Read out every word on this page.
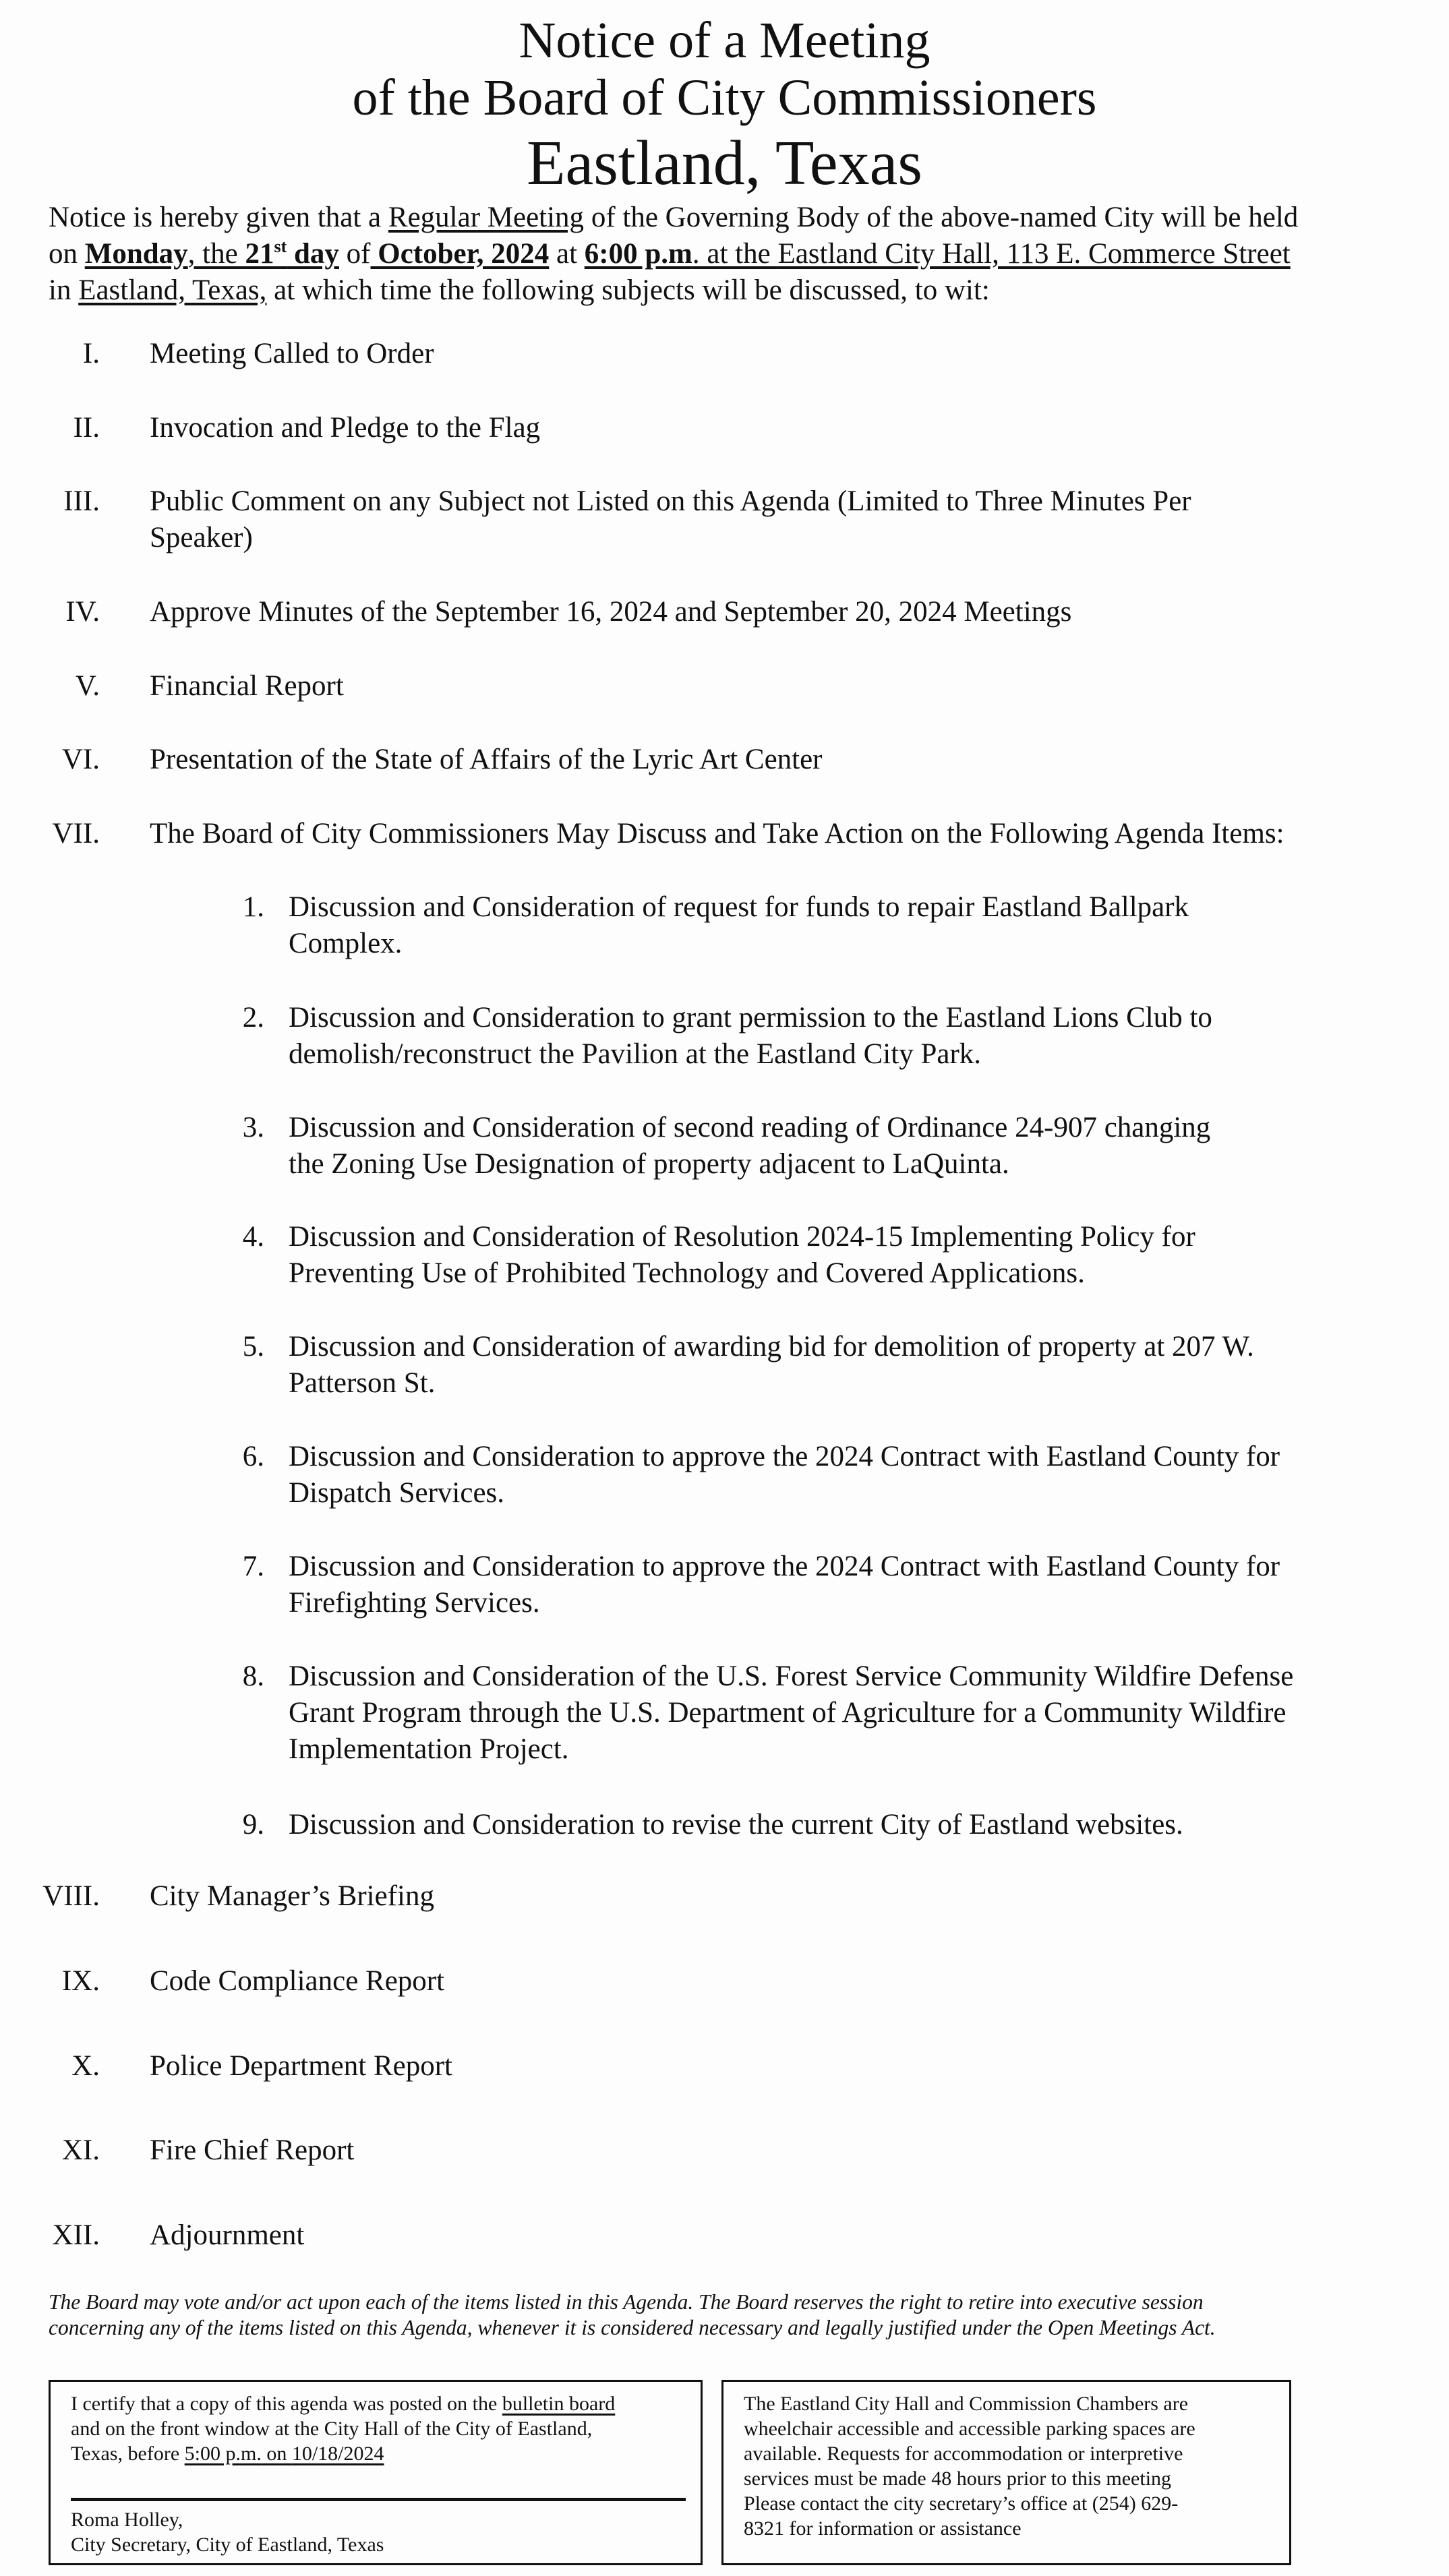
Notice of a Meeting
of the Board of City Commissioners
Eastland, Texas
Notice is hereby given that a Regular Meeting of the Governing Body of the above-named City will be held
on Monday, the 21st day of October, 2024 at 6:00 p.m. at the Eastland City Hall, 113 E. Commerce Street
in Eastland, Texas, at which time the following subjects will be discussed, to wit:
I. Meeting Called to Order
II. Invocation and Pledge to the Flag
III. Public Comment on any Subject not Listed on this Agenda (Limited to Three Minutes Per
Speaker)
IV. Approve Minutes of the September 16, 2024 and September 20, 2024 Meetings
V. Financial Report
VI. Presentation of the State of Affairs of the Lyric Art Center
VII. The Board of City Commissioners May Discuss and Take Action on the Following Agenda Items:
VIII. City Manager’s Briefing
IX. Code Compliance Report
X. Police Department Report
XI. Fire Chief Report
XII. Adjournment
1. Discussion and Consideration of request for funds to repair Eastland Ballpark
Complex.
2. Discussion and Consideration to grant permission to the Eastland Lions Club to
demolish/reconstruct the Pavilion at the Eastland City Park.
3. Discussion and Consideration of second reading of Ordinance 24-907 changing
the Zoning Use Designation of property adjacent to LaQuinta.
4. Discussion and Consideration of Resolution 2024-15 Implementing Policy for
Preventing Use of Prohibited Technology and Covered Applications.
5. Discussion and Consideration of awarding bid for demolition of property at 207 W.
Patterson St.
6. Discussion and Consideration to approve the 2024 Contract with Eastland County for
Dispatch Services.
7. Discussion and Consideration to approve the 2024 Contract with Eastland County for
Firefighting Services.
8. Discussion and Consideration of the U.S. Forest Service Community Wildfire Defense
Grant Program through the U.S. Department of Agriculture for a Community Wildfire
Implementation Project.
9. Discussion and Consideration to revise the current City of Eastland websites.
The Board may vote and/or act upon each of the items listed in this Agenda. The Board reserves the right to retire into executive session
concerning any of the items listed on this Agenda, whenever it is considered necessary and legally justified under the Open Meetings Act.
I certify that a copy of this agenda was posted on the bulletin board
and on the front window at the City Hall of the City of Eastland,
Texas, before 5:00 p.m. on 10/18/2024
Roma Holley,
City Secretary, City of Eastland, Texas
The Eastland City Hall and Commission Chambers are
wheelchair accessible and accessible parking spaces are
available. Requests for accommodation or interpretive
services must be made 48 hours prior to this meeting
Please contact the city secretary’s office at (254) 629-
8321 for information or assistance
